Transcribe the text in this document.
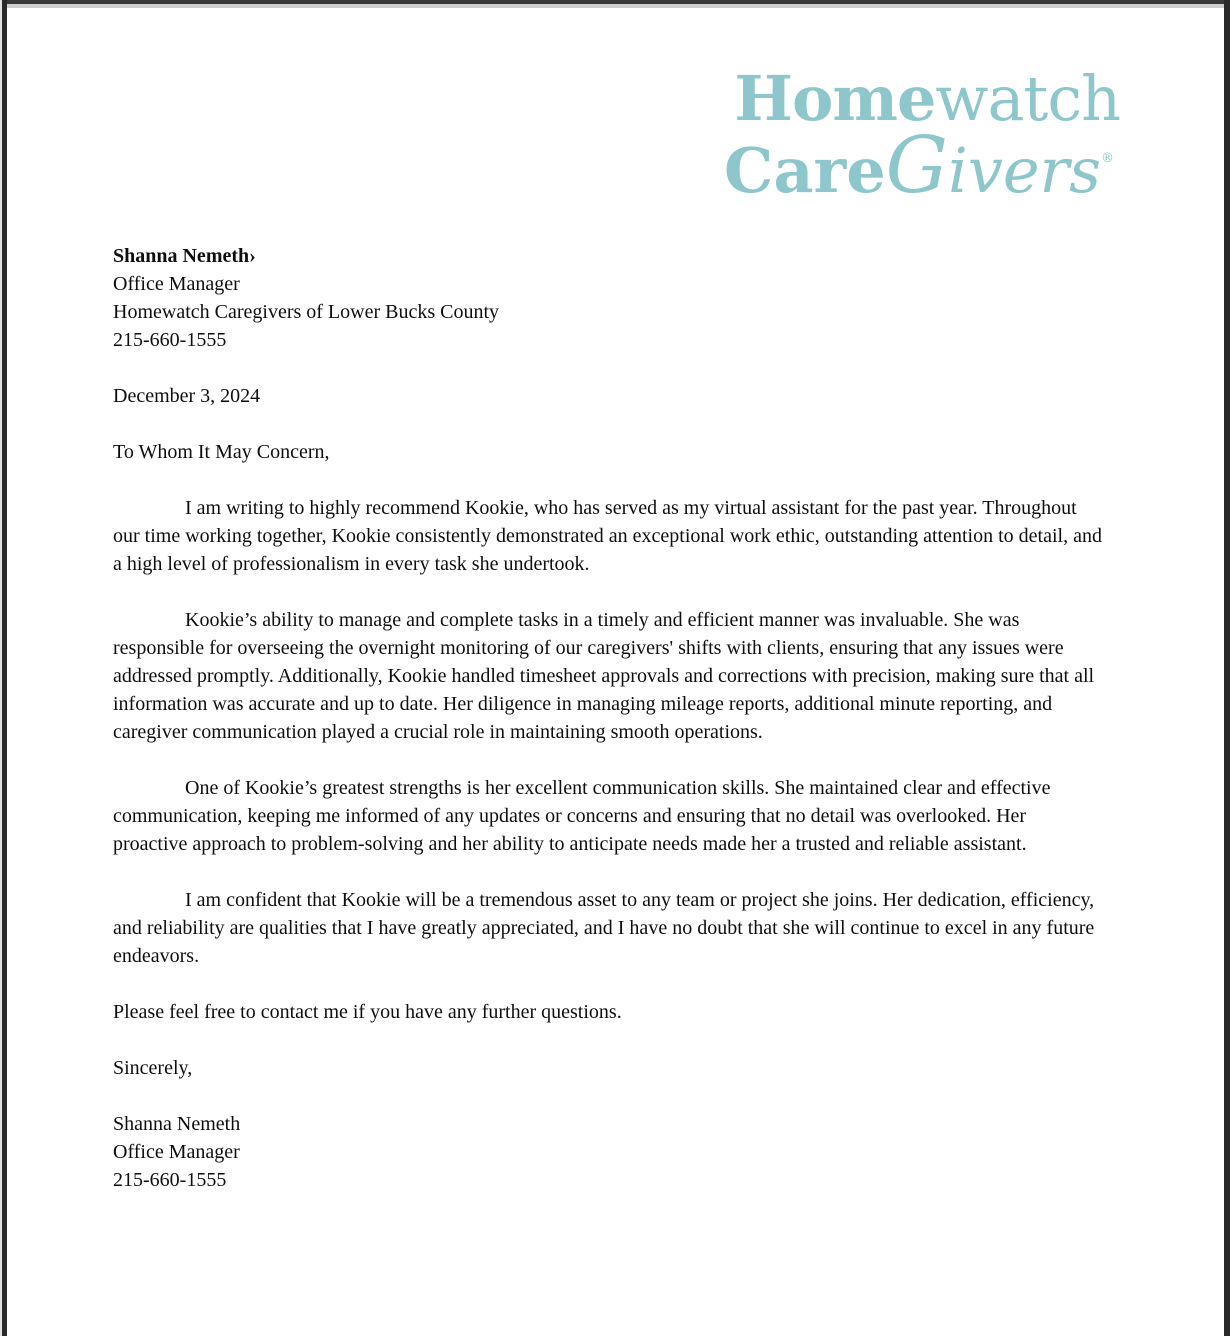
Homewatch
CareGivers®

Shanna Nemeth›

Office Manager

Homewatch Caregivers of Lower Bucks County

215-660-1555

December 3, 2024

To Whom It May Concern,

I am writing to highly recommend Kookie, who has served as my virtual assistant for the past year. Throughout our time working together, Kookie consistently demonstrated an exceptional work ethic, outstanding attention to detail, and a high level of professionalism in every task she undertook.

Kookie’s ability to manage and complete tasks in a timely and efficient manner was invaluable. She was responsible for overseeing the overnight monitoring of our caregivers' shifts with clients, ensuring that any issues were addressed promptly. Additionally, Kookie handled timesheet approvals and corrections with precision, making sure that all information was accurate and up to date. Her diligence in managing mileage reports, additional minute reporting, and caregiver communication played a crucial role in maintaining smooth operations.

One of Kookie’s greatest strengths is her excellent communication skills. She maintained clear and effective communication, keeping me informed of any updates or concerns and ensuring that no detail was overlooked. Her proactive approach to problem-solving and her ability to anticipate needs made her a trusted and reliable assistant.

I am confident that Kookie will be a tremendous asset to any team or project she joins. Her dedication, efficiency, and reliability are qualities that I have greatly appreciated, and I have no doubt that she will continue to excel in any future endeavors.

Please feel free to contact me if you have any further questions.

Sincerely,

Shanna Nemeth

Office Manager

215-660-1555
